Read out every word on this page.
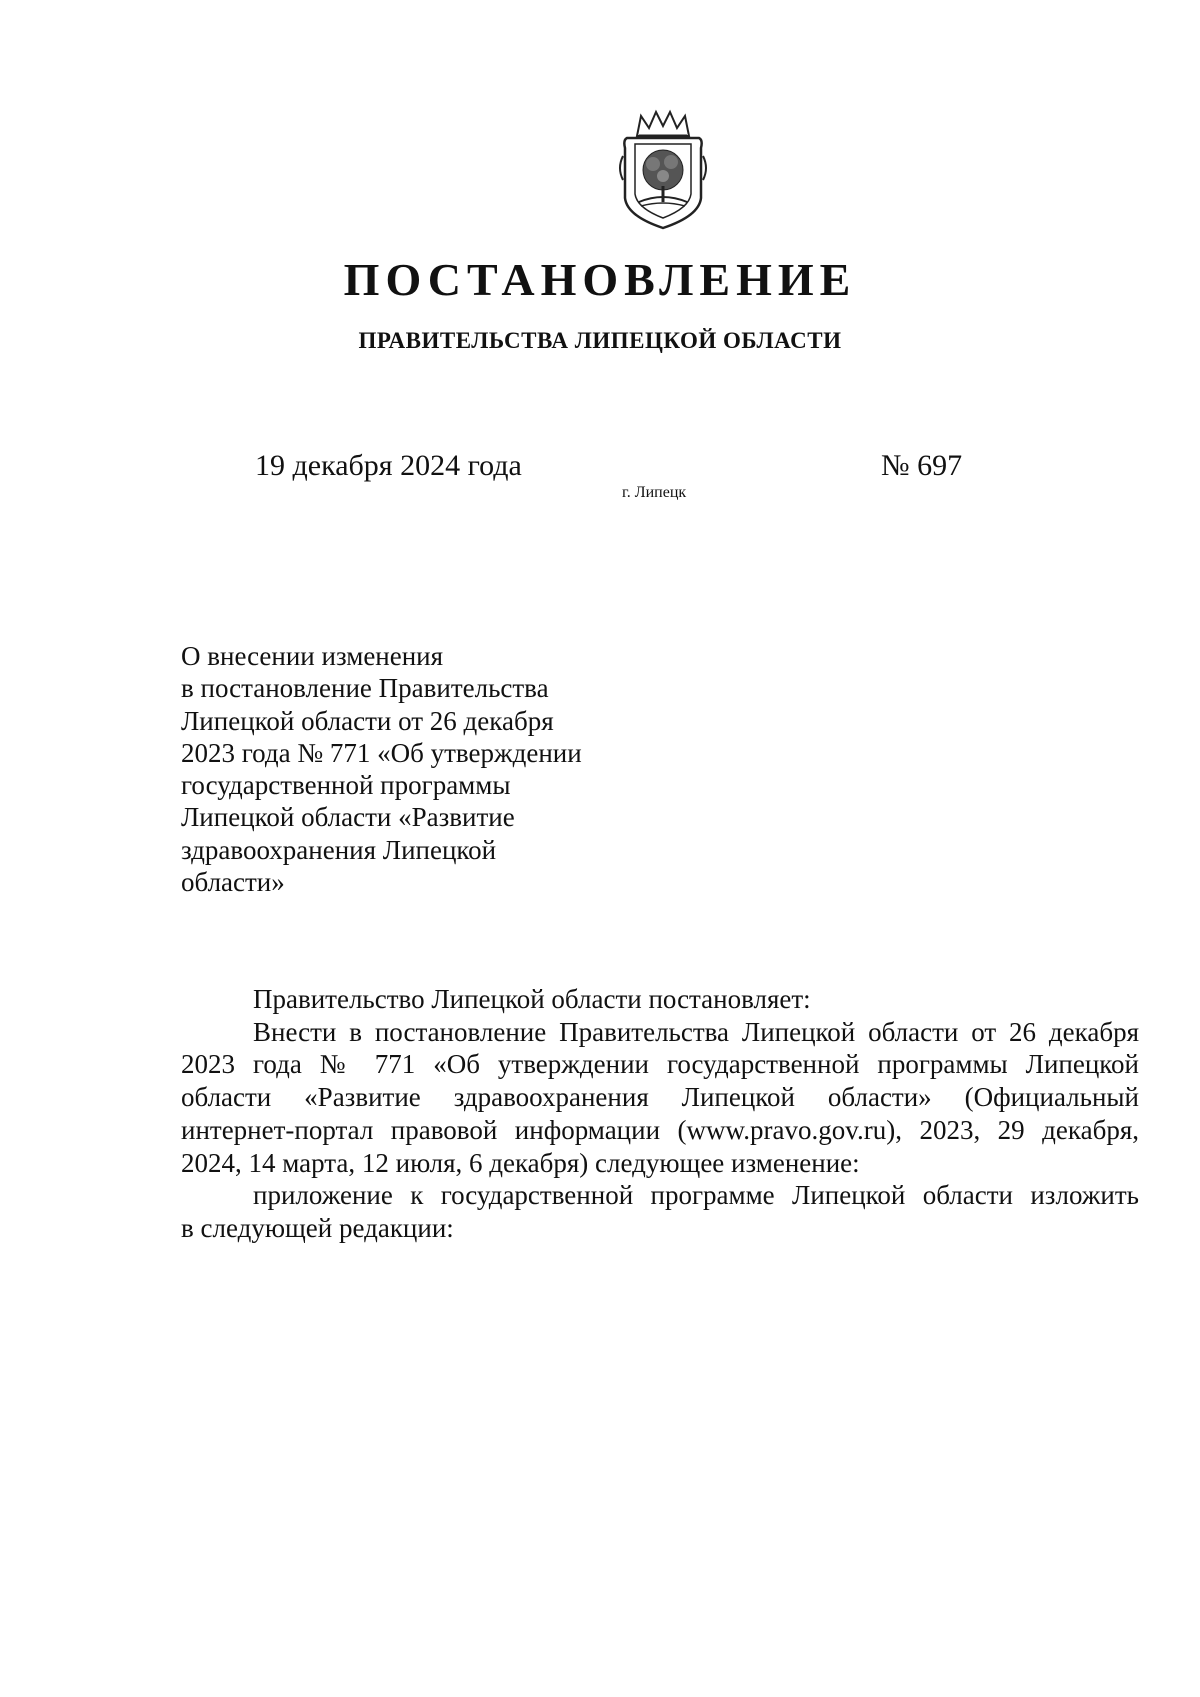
ПОСТАНОВЛЕНИЕ
ПРАВИТЕЛЬСТВА ЛИПЕЦКОЙ ОБЛАСТИ
19 декабря 2024 года	№ 697
г. Липецк
О внесении изменения
в постановление Правительства
Липецкой области от 26 декабря
2023 года № 771 «Об утверждении
государственной программы
Липецкой области «Развитие
здравоохранения Липецкой
области»

Правительство Липецкой области постановляет:

Внести в постановление Правительства Липецкой области от 26 декабря
2023 года № 771 «Об утверждении государственной программы Липецкой
области «Развитие здравоохранения Липецкой области» (Официальный
интернет-портал правовой информации (www.pravo.gov.ru), 2023, 29 декабря,
2024, 14 марта, 12 июля, 6 декабря) следующее изменение:

приложение к государственной программе Липецкой области изложить
в следующей редакции:
